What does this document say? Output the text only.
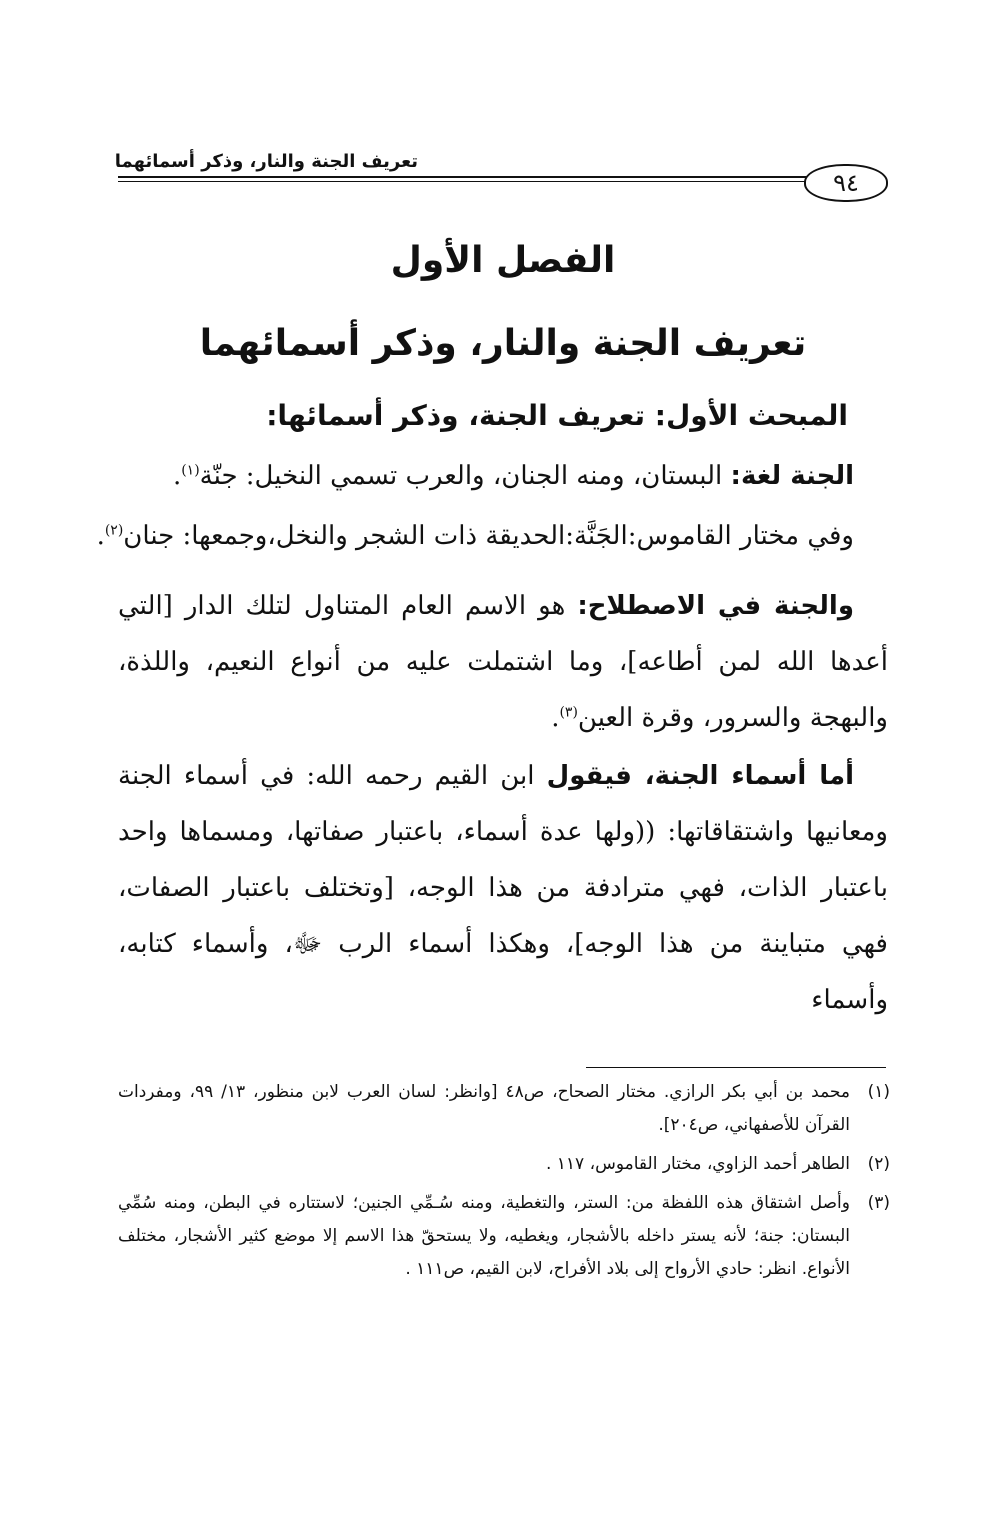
تعريف الجنة والنار، وذكر أسمائهما
٩٤
الفصل الأول
تعريف الجنة والنار، وذكر أسمائهما
المبحث الأول: تعريف الجنة، وذكر أسمائها:
الجنة لغة: البستان، ومنه الجنان، والعرب تسمي النخيل: جنّة$^{(١)}$.
وفي مختار القاموس:الجَنَّة:الحديقة ذات الشجر والنخل،وجمعها: جنان$^{(٢)}$.
والجنة في الاصطلاح: هو الاسم العام المتناول لتلك الدار [التي أعدها الله لمن أطاعه]، وما اشتملت عليه من أنواع النعيم، واللذة، والبهجة والسرور، وقرة العين$^{(٣)}$.
أما أسماء الجنة، فيقول ابن القيم رحمه الله: في أسماء الجنة ومعانيها واشتقاقاتها: ((ولها عدة أسماء، باعتبار صفاتها، ومسماها واحد باعتبار الذات، فهي مترادفة من هذا الوجه، [وتختلف باعتبار الصفات، فهي متباينة من هذا الوجه]، وهكذا أسماء الرب ﷻ، وأسماء كتابه، وأسماء
(١)
محمد بن أبي بكر الرازي. مختار الصحاح، ص٤٨ [وانظر: لسان العرب لابن منظور، ١٣/ ٩٩، ومفردات القرآن للأصفهاني، ص٢٠٤].
(٢)
الطاهر أحمد الزاوي، مختار القاموس، ١١٧ .
(٣)
وأصل اشتقاق هذه اللفظة من: الستر، والتغطية، ومنه سُـمِّي الجنين؛ لاستتاره في البطن، ومنه سُمِّي البستان: جنة؛ لأنه يستر داخله بالأشجار، ويغطيه، ولا يستحقّ هذا الاسم إلا موضع كثير الأشجار، مختلف الأنواع. انظر: حادي الأرواح إلى بلاد الأفراح، لابن القيم، ص١١١ .
